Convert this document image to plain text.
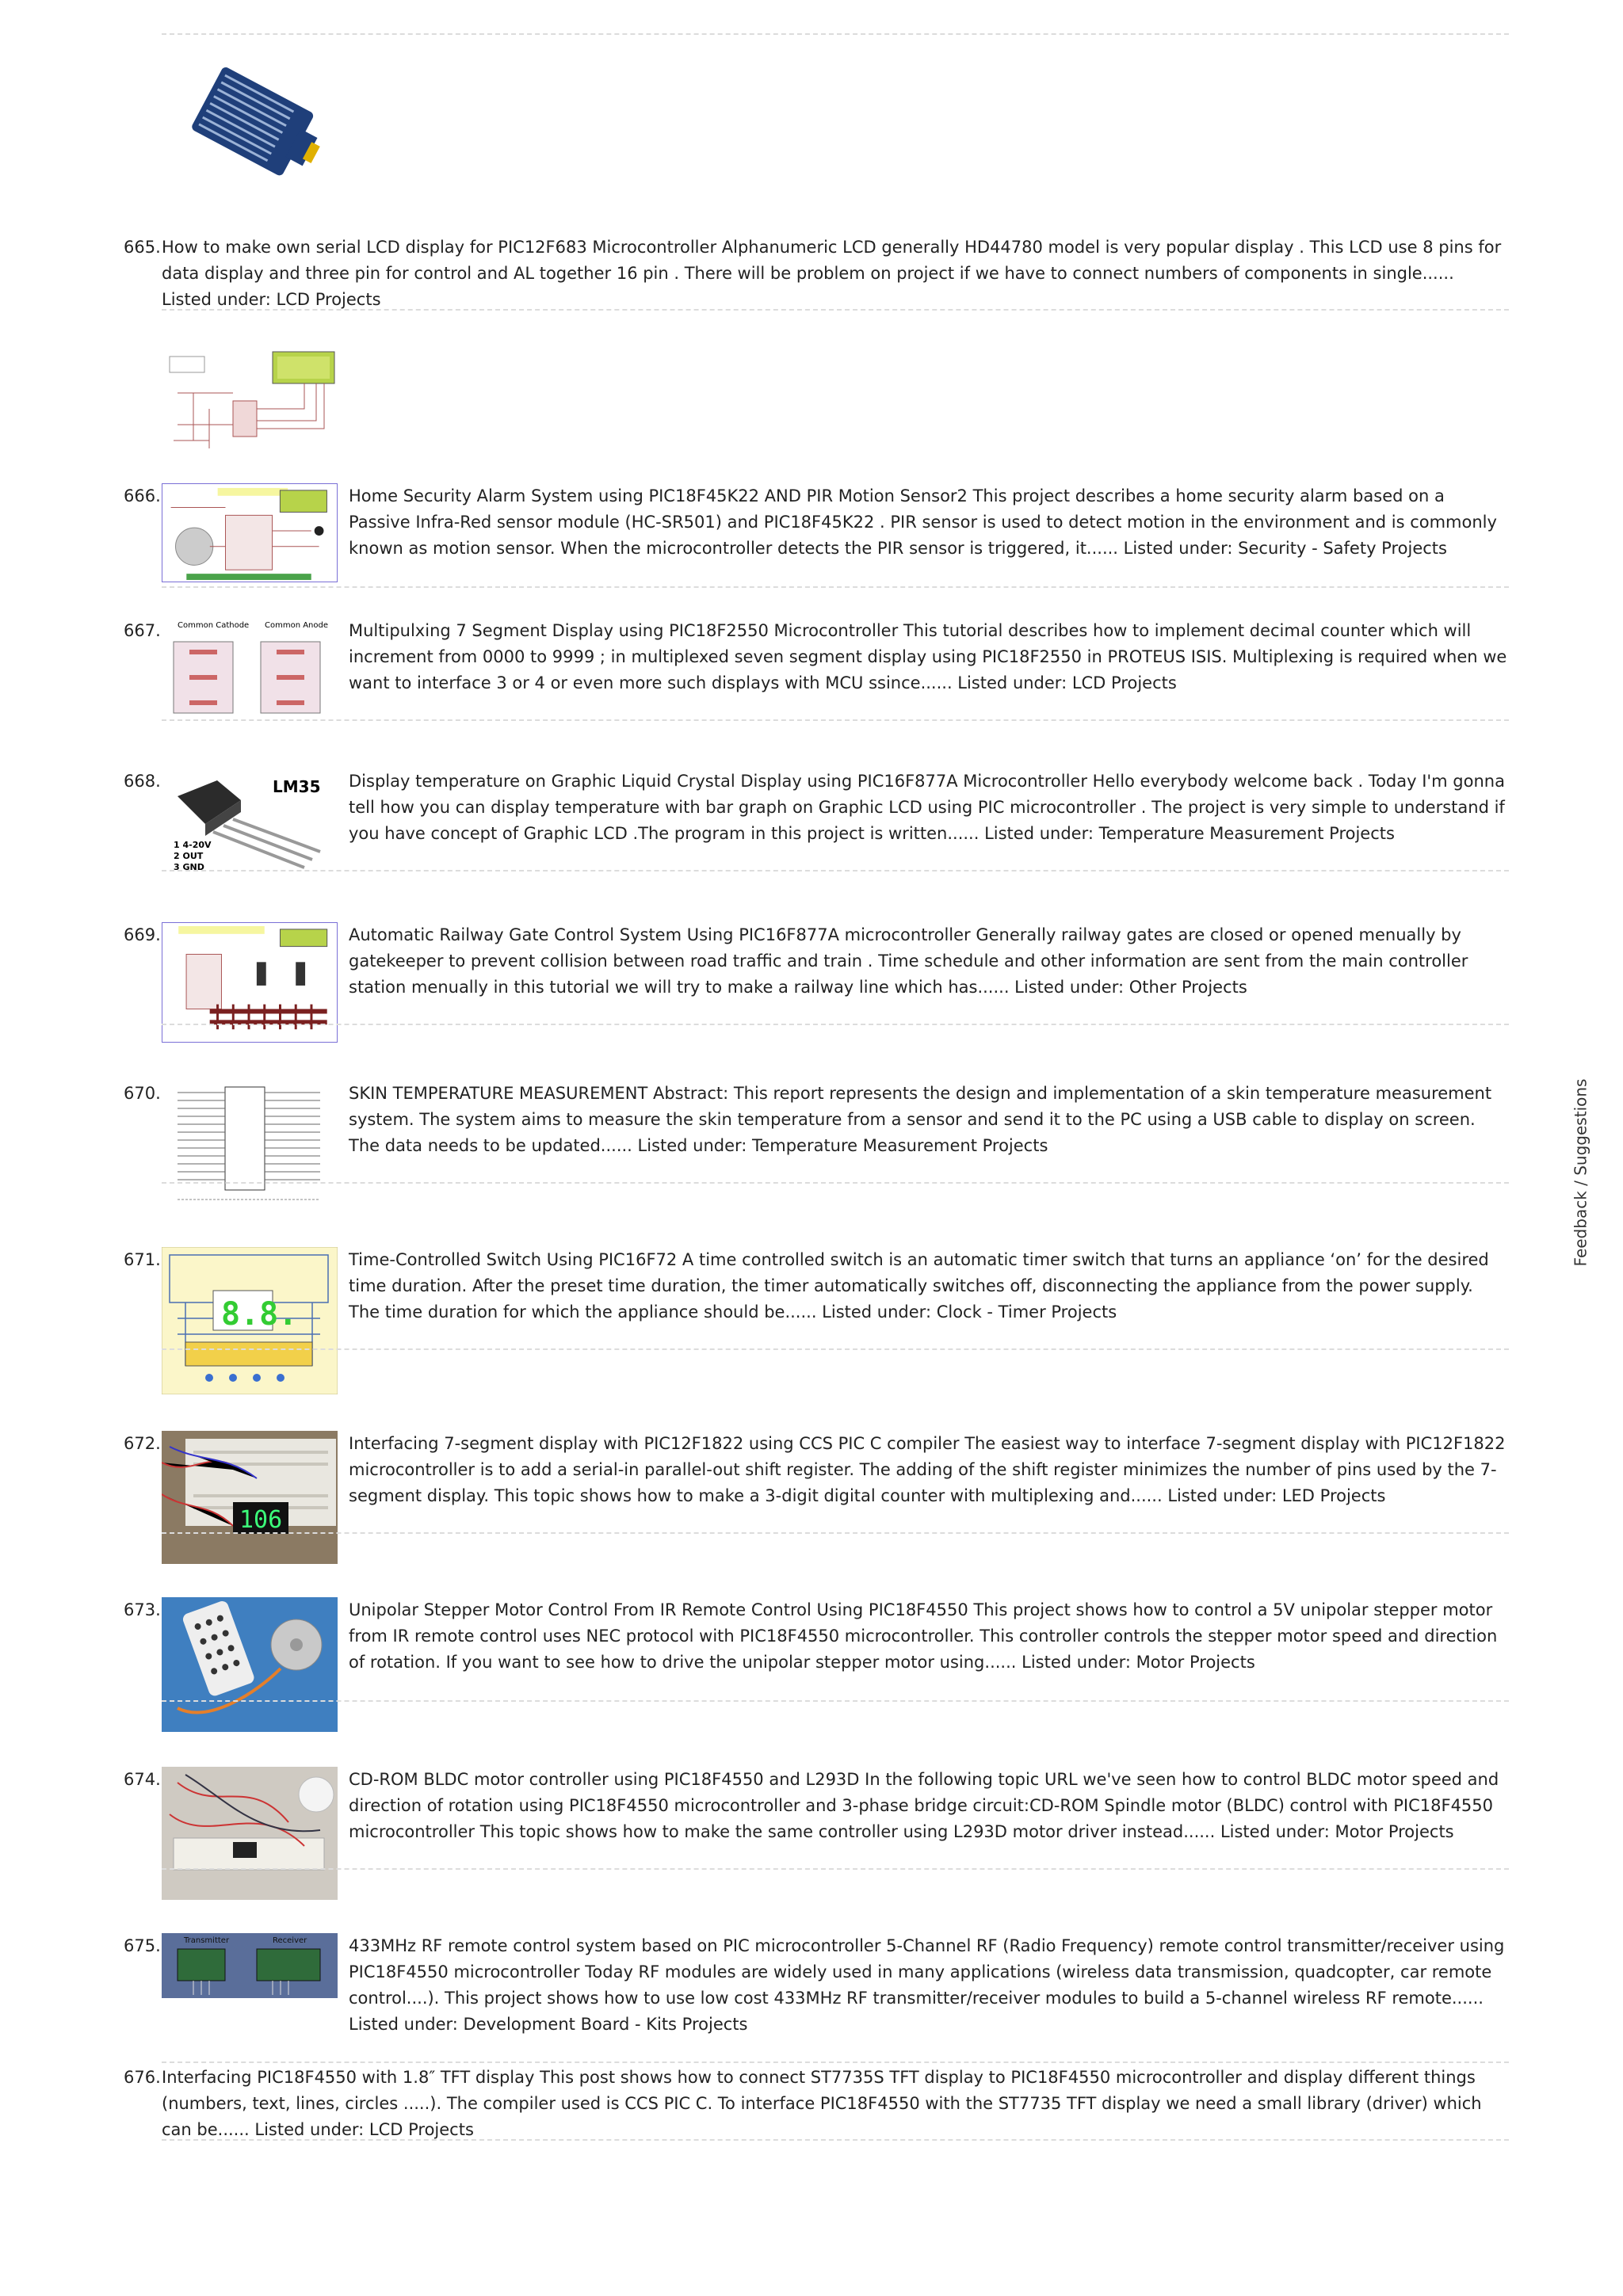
665. How to make own serial LCD display for PIC12F683 Microcontroller Alphanumeric LCD generally HD44780 model is very popular display . This LCD use 8 pins for data display and three pin for control and AL together 16 pin . There will be problem on project if we have to connect numbers of components in single...... Listed under: LCD Projects
666.	Home Security Alarm System using PIC18F45K22 AND PIR Motion Sensor2 This project describes a home security alarm based on a Passive Infra-Red sensor module (HC-SR501) and PIC18F45K22 . PIR sensor is used to detect motion in the environment and is commonly known as motion sensor. When the microcontroller detects the PIR sensor is triggered, it...... Listed under: Security - Safety Projects
667. Common Cathode Common Anode Multipulxing 7 Segment Display using PIC18F2550 Microcontroller This tutorial describes how to implement decimal counter which will increment from 0000 to 9999 ; in multiplexed seven segment display using PIC18F2550 in PROTEUS ISIS. Multiplexing is required when we want to interface 3 or 4 or even more such displays with MCU ssince...... Listed under: LCD Projects
668.	LM35
1 4-20V
2 OUT
3 GND
Display temperature on Graphic Liquid Crystal Display using PIC16F877A Microcontroller Hello everybody welcome back . Today I'm gonna tell how you can display temperature with bar graph on Graphic LCD using PIC microcontroller . The project is very simple to understand if you have concept of Graphic LCD .The program in this project is written...... Listed under: Temperature Measurement Projects
669.	Automatic Railway Gate Control System Using PIC16F877A microcontroller Generally railway gates are closed or opened menually by gatekeeper to prevent collision between road traffic and train . Time schedule and other information are sent from the main controller station menually in this tutorial we will try to make a railway line which has...... Listed under: Other Projects
670.	SKIN TEMPERATURE MEASUREMENT Abstract: This report represents the design and implementation of a skin temperature measurement system. The system aims to measure the skin temperature from a sensor and send it to the PC using a USB cable to display on screen. The data needs to be updated...... Listed under: Temperature Measurement Projects
671.
8.8.
Time-Controlled Switch Using PIC16F72 A time controlled switch is an automatic timer switch that turns an appliance ‘on’ for the desired time duration. After the preset time duration, the timer automatically switches off, disconnecting the appliance from the power supply. The time duration for which the appliance should be...... Listed under: Clock - Timer Projects
672.
106
Interfacing 7-segment display with PIC12F1822 using CCS PIC C compiler The easiest way to interface 7-segment display with PIC12F1822 microcontroller is to add a serial-in parallel-out shift register. The adding of the shift register minimizes the number of pins used by the 7-segment display. This topic shows how to make a 3-digit digital counter with multiplexing and...... Listed under: LED Projects
673.	Unipolar Stepper Motor Control From IR Remote Control Using PIC18F4550 This project shows how to control a 5V unipolar stepper motor from IR remote control uses NEC protocol with PIC18F4550 microcontroller. This controller controls the stepper motor speed and direction of rotation. If you want to see how to drive the unipolar stepper motor using...... Listed under: Motor Projects
674.	CD-ROM BLDC motor controller using PIC18F4550 and L293D In the following topic URL we've seen how to control BLDC motor speed and direction of rotation using PIC18F4550 microcontroller and 3-phase bridge circuit:CD-ROM Spindle motor (BLDC) control with PIC18F4550 microcontroller This topic shows how to make the same controller using L293D motor driver instead...... Listed under: Motor Projects
675.	Transmitter	Receiver	433MHz RF remote control system based on PIC microcontroller 5-Channel RF (Radio Frequency) remote control transmitter/receiver using PIC18F4550 microcontroller Today RF modules are widely used in many applications (wireless data transmission, quadcopter, car remote control....). This project shows how to use low cost 433MHz RF transmitter/receiver modules to build a 5-channel wireless RF remote...... Listed under: Development Board - Kits Projects
676. Interfacing PIC18F4550 with 1.8″ TFT display This post shows how to connect ST7735S TFT display to PIC18F4550 microcontroller and display different things (numbers, text, lines, circles .....). The compiler used is CCS PIC C. To interface PIC18F4550 with the ST7735 TFT display we need a small library (driver) which can be...... Listed under: LCD Projects
Feedback / Suggestions
